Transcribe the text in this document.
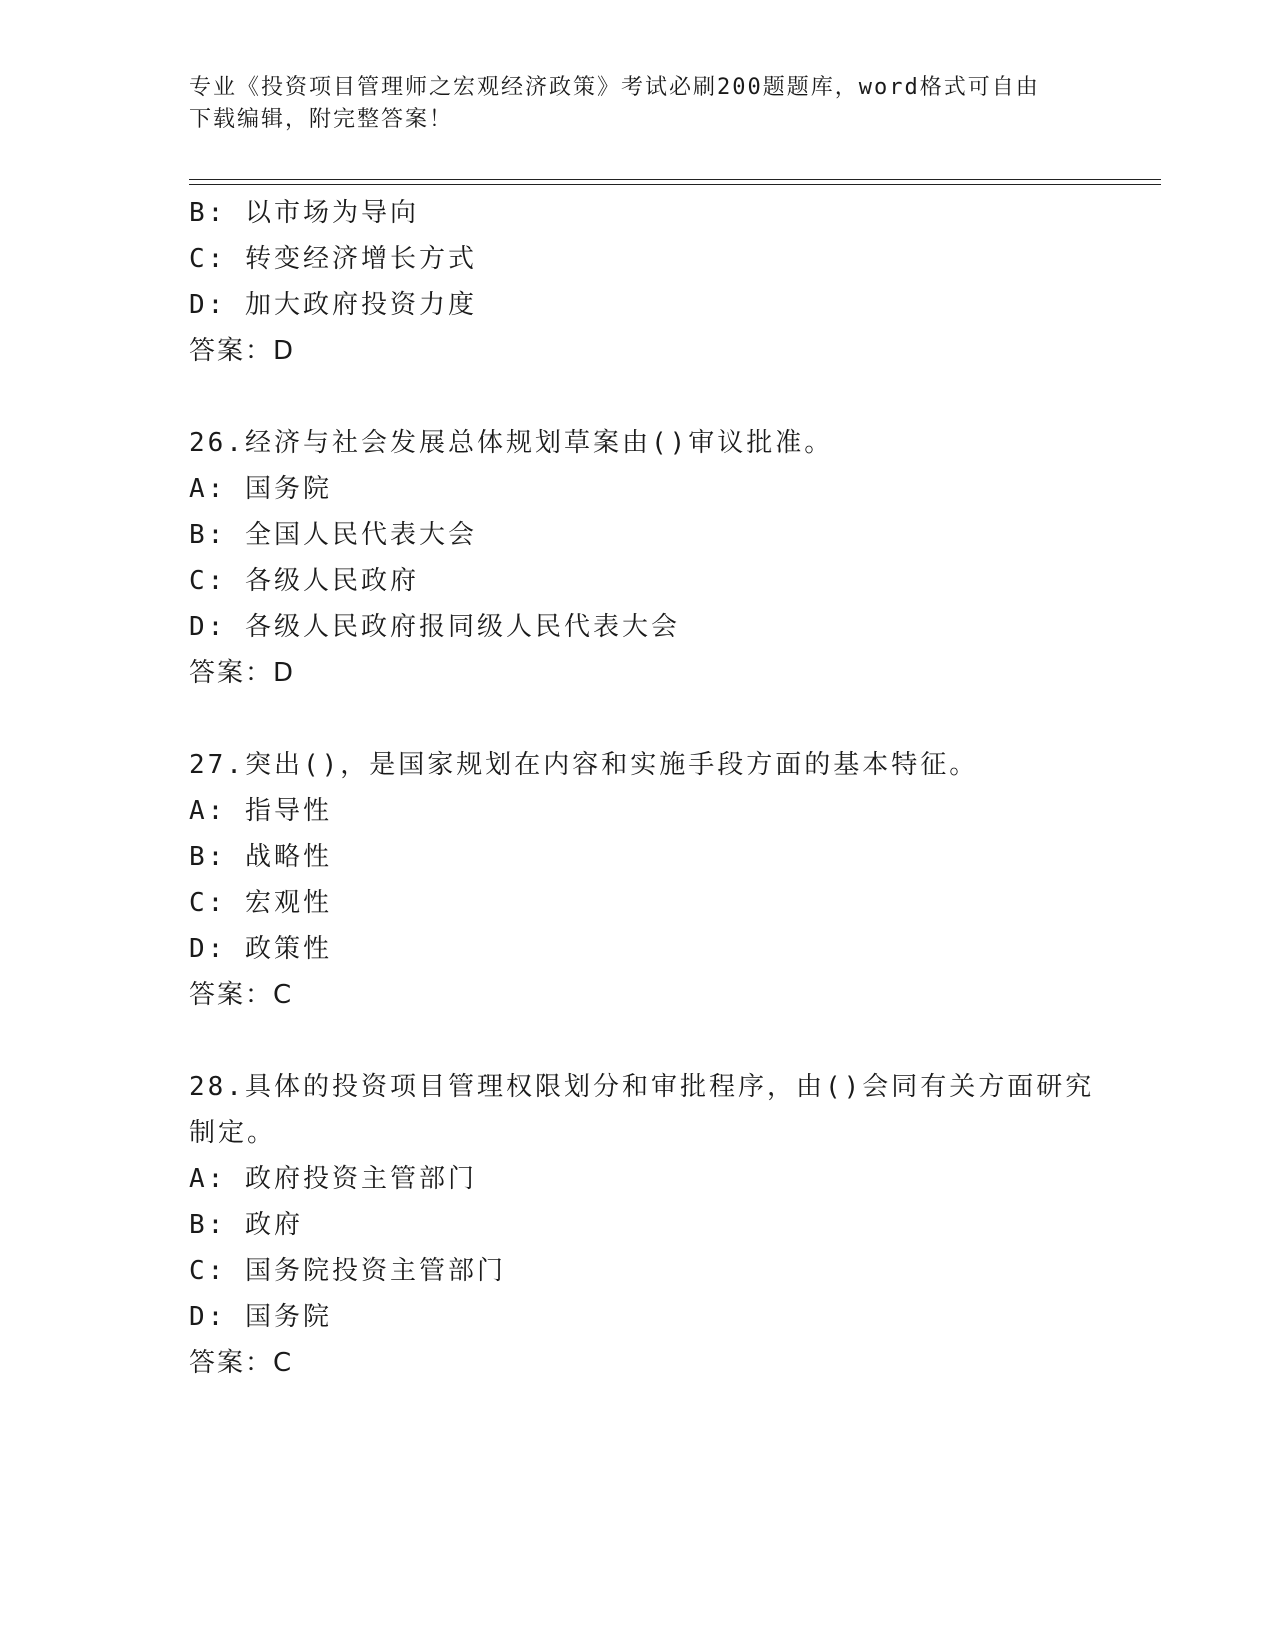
专业《投资项目管理师之宏观经济政策》考试必刷200题题库，word格式可自由
下载编辑，附完整答案！
B: 以市场为导向
C: 转变经济增长方式
D: 加大政府投资力度
答案：D
26.经济与社会发展总体规划草案由()审议批准。
A: 国务院
B: 全国人民代表大会
C: 各级人民政府
D: 各级人民政府报同级人民代表大会
答案：D
27.突出()，是国家规划在内容和实施手段方面的基本特征。
A: 指导性
B: 战略性
C: 宏观性
D: 政策性
答案：C
28.具体的投资项目管理权限划分和审批程序，由()会同有关方面研究
制定。
A: 政府投资主管部门
B: 政府
C: 国务院投资主管部门
D: 国务院
答案：C
